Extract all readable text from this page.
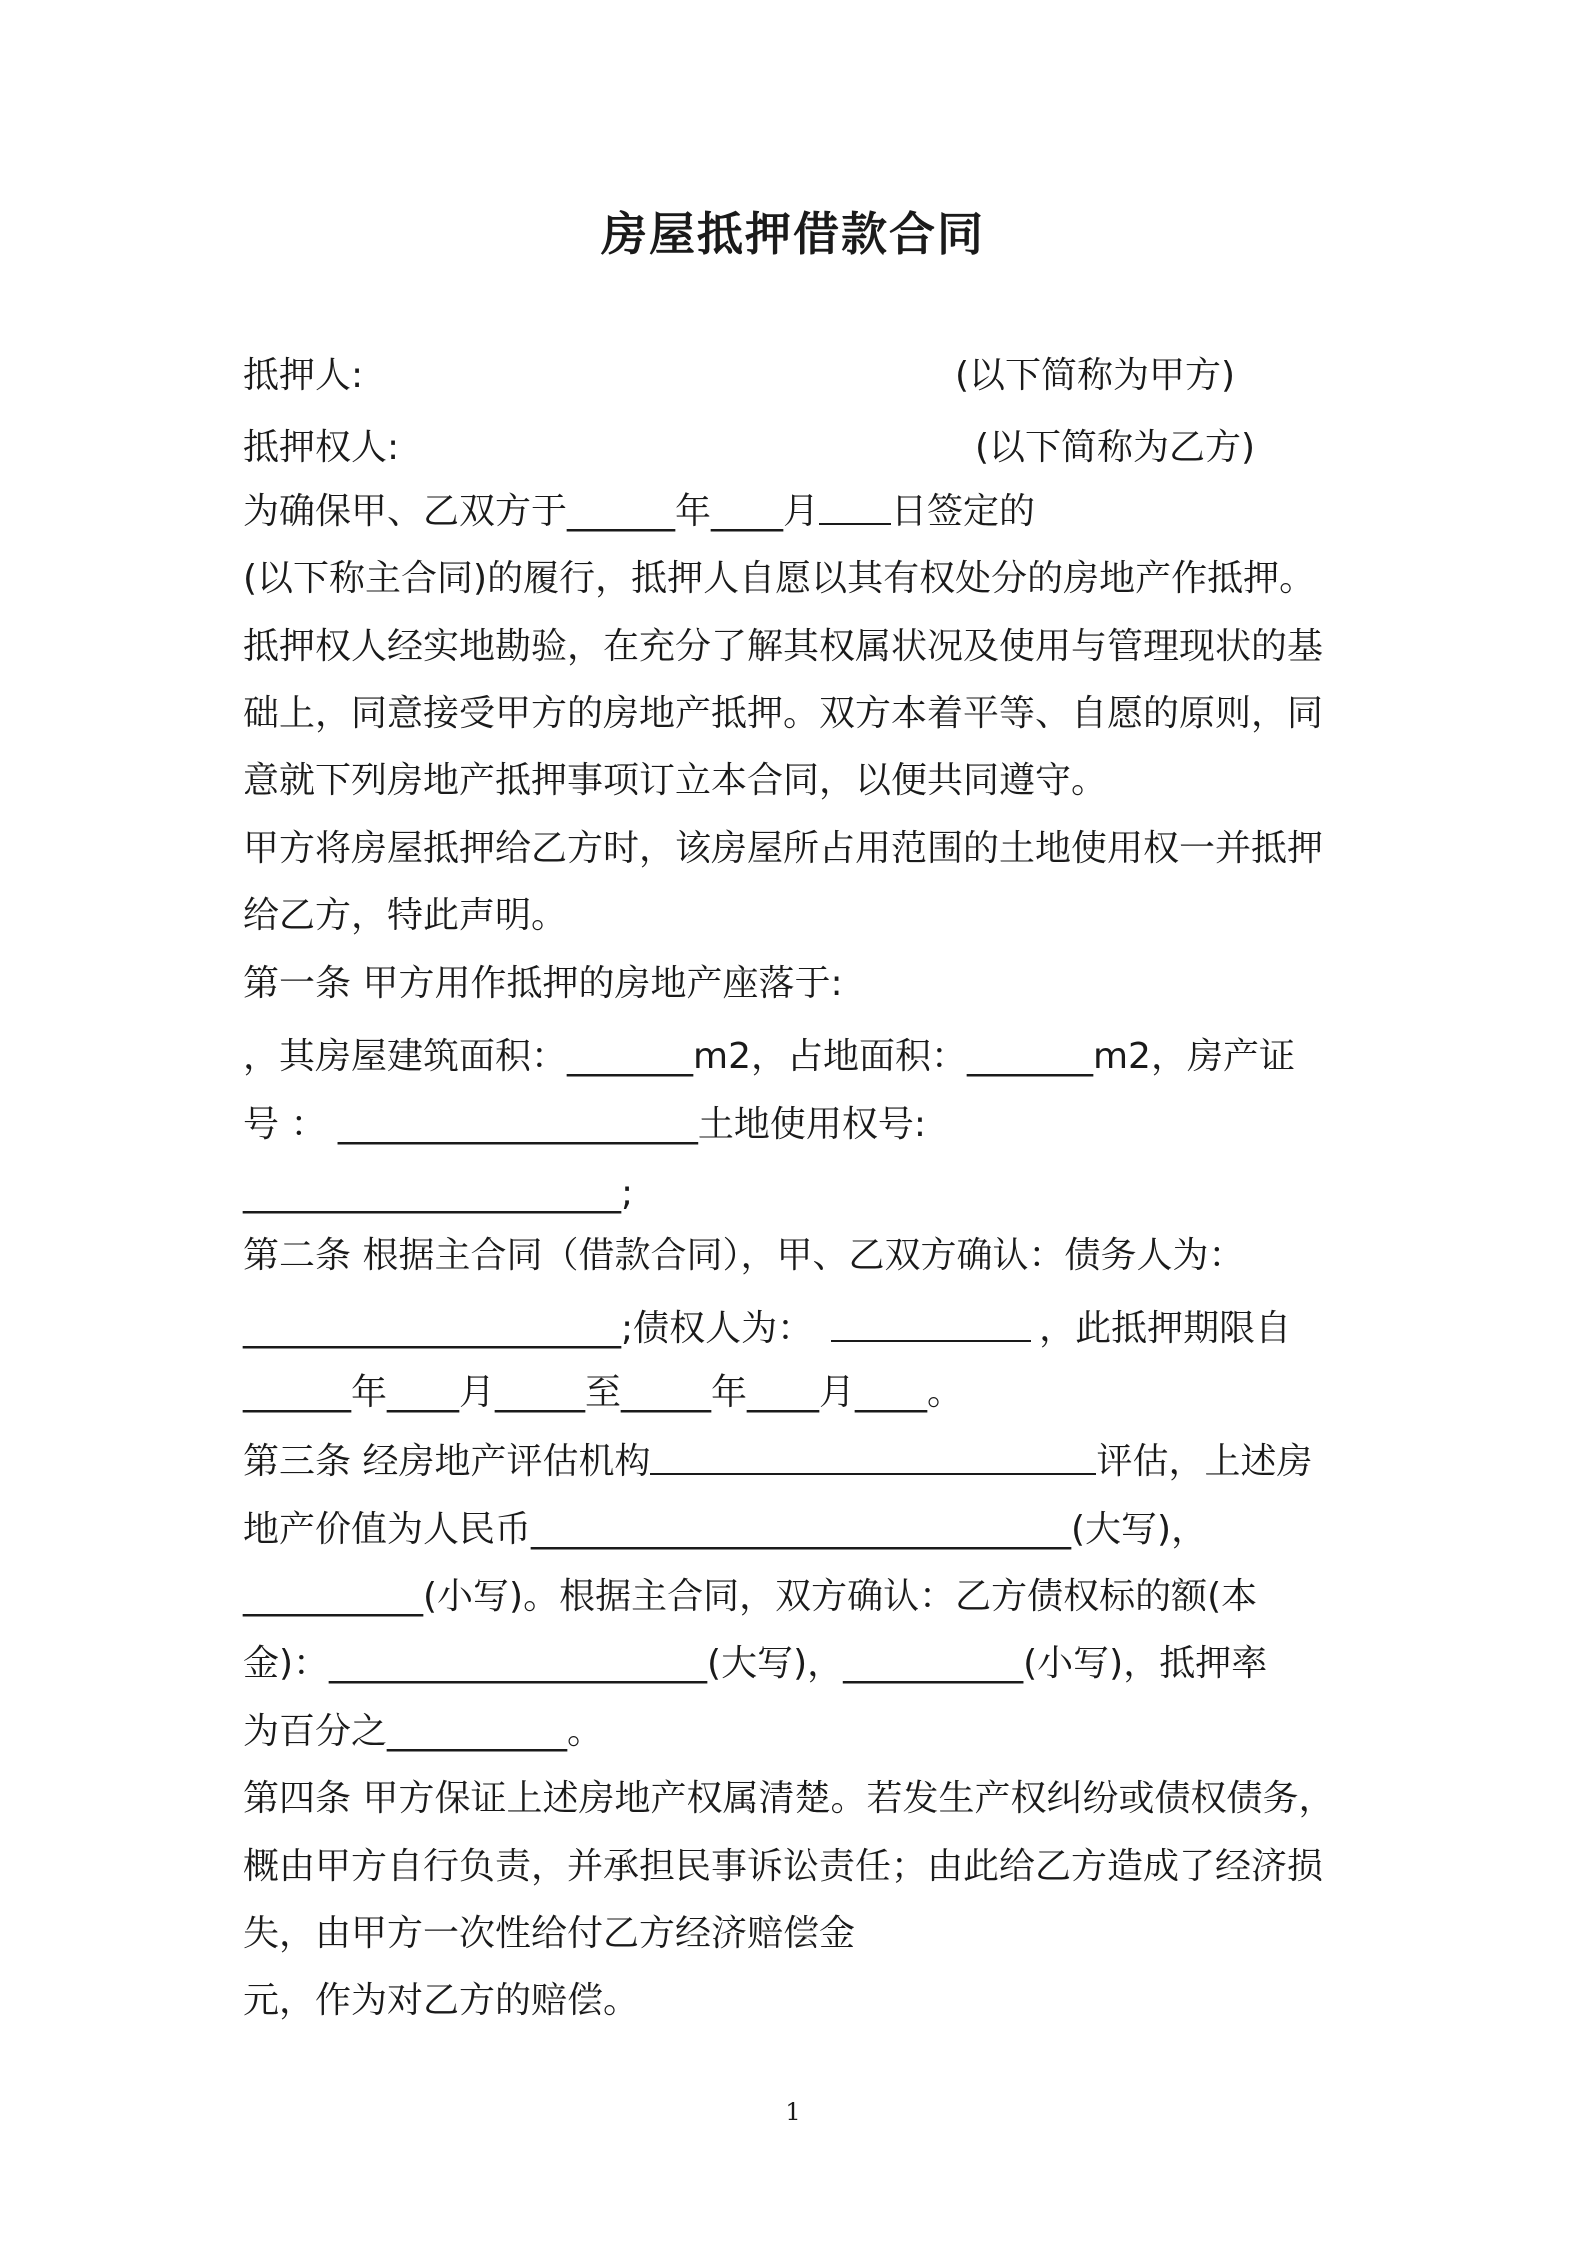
房屋抵押借款合同
抵押人:	(以下简称为甲方)
抵押权人:	(以下简称为乙方)
为确保甲、乙双方于______年____月 日签定的
(以下称主合同)的履行，抵押人自愿以其有权处分的房地产作抵押。
抵押权人经实地勘验，在充分了解其权属状况及使用与管理现状的基
础上，同意接受甲方的房地产抵押。双方本着平等、自愿的原则，同
意就下列房地产抵押事项订立本合同，以便共同遵守。
甲方将房屋抵押给乙方时，该房屋所占用范围的土地使用权一并抵押
给乙方，特此声明。
第一条 甲方用作抵押的房地产座落于:
，其房屋建筑面积：_______m2，占地面积：_______m2，房产证
号 ： ____________________土地使用权号:
_____________________;
第二条 根据主合同（借款合同），甲、乙双方确认：债务人为：
_____________________;债权人为：	，此抵押期限自
______年____月_____至_____年____月____。
第三条 经房地产评估机构	评估，上述房
地产价值为人民币______________________________(大写)，
__________(小写)。根据主合同，双方确认：乙方债权标的额(本
金)：_____________________(大写)，__________(小写)，抵押率
为百分之__________。
第四条 甲方保证上述房地产权属清楚。若发生产权纠纷或债权债务，
概由甲方自行负责，并承担民事诉讼责任；由此给乙方造成了经济损
失，由甲方一次性给付乙方经济赔偿金
元，作为对乙方的赔偿。
1
